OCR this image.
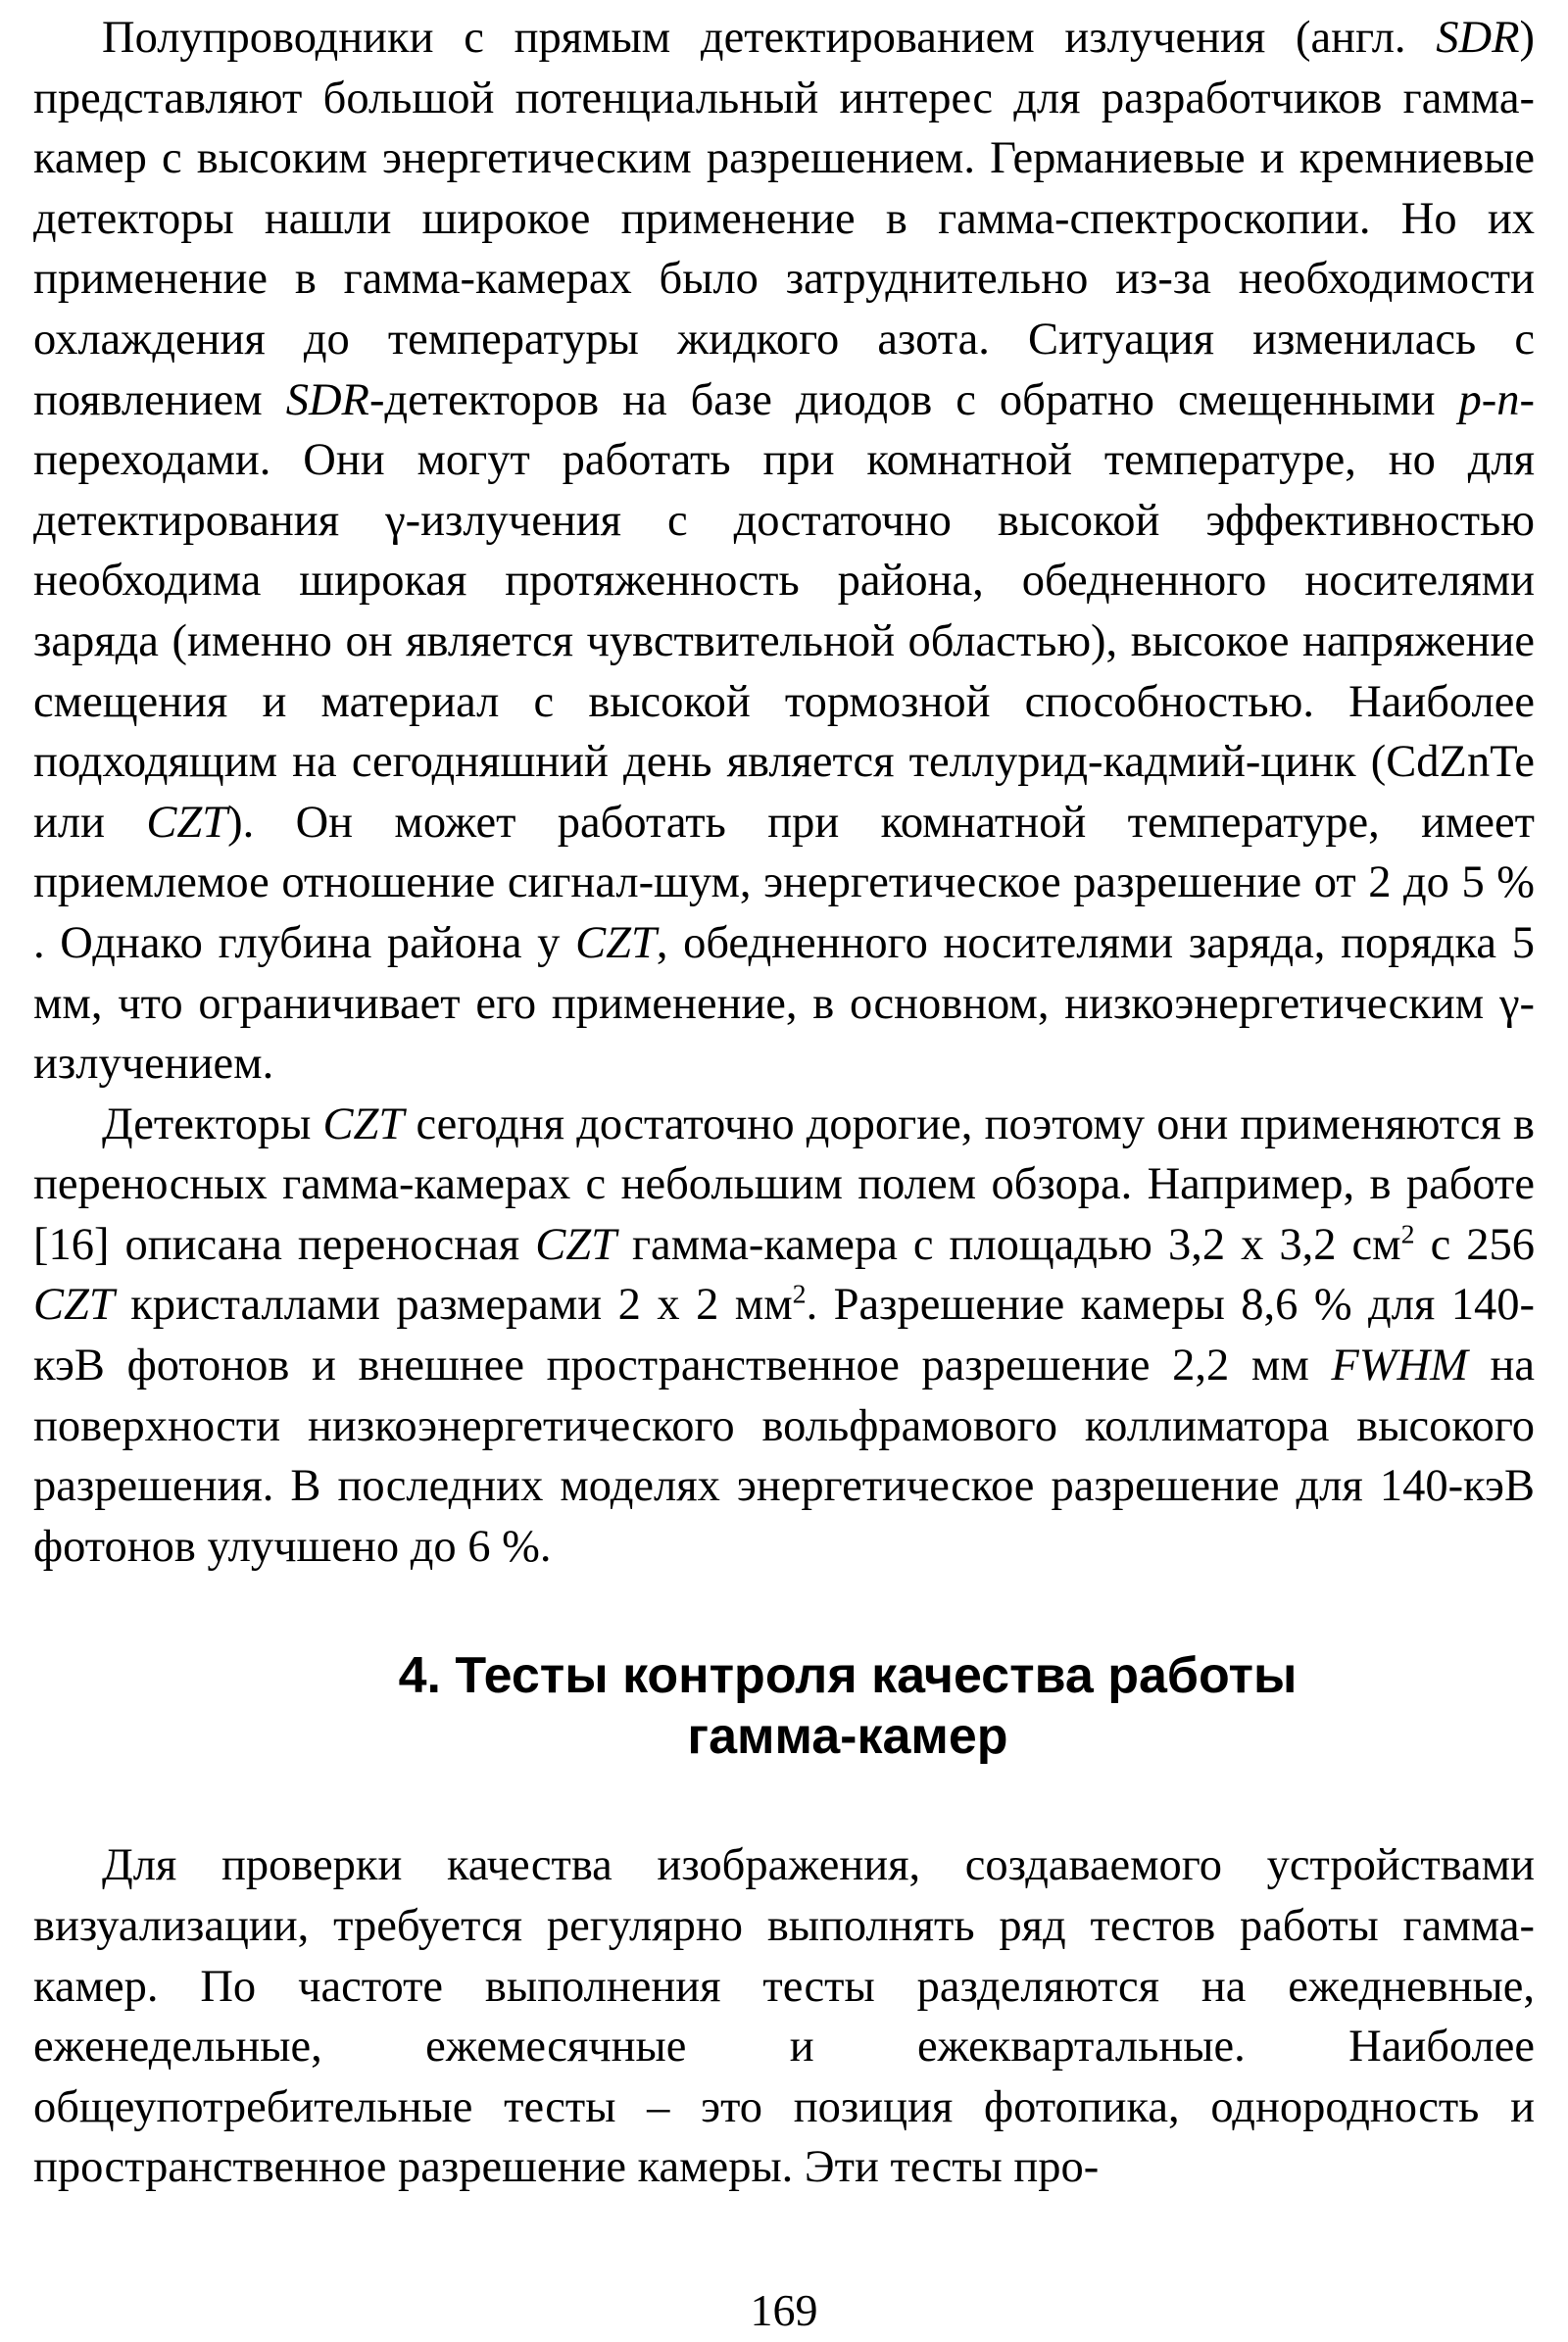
Полупроводники с прямым детектированием излучения (англ. SDR) представляют большой потенциальный интерес для разработчиков гамма-камер с высоким энергетическим разрешением. Германиевые и кремниевые детекторы нашли широкое применение в гамма-спектроскопии. Но их применение в гамма-камерах было затруднительно из-за необходимости охлаждения до температуры жидкого азота. Ситуация изменилась с появлением SDR-детекторов на базе диодов с обратно смещенными p-n-переходами. Они могут работать при комнатной температуре, но для детектирования γ-излучения с достаточно высокой эффективностью необходима широкая протяженность района, обедненного носителями заряда (именно он является чувствительной областью), высокое напряжение смещения и материал с высокой тормозной способностью. Наиболее подходящим на сегодняшний день является теллурид-кадмий-цинк (CdZnTe или CZT). Он может работать при комнатной температуре, имеет приемлемое отношение сигнал-шум, энергетическое разрешение от 2 до 5 % . Однако глубина района у CZT, обедненного носителями заряда, порядка 5 мм, что ограничивает его применение, в основном, низкоэнергетическим γ-излучением.

Детекторы CZT сегодня достаточно дорогие, поэтому они применяются в переносных гамма-камерах с небольшим полем обзора. Например, в работе [16] описана переносная CZT гамма-камера с площадью 3,2 х 3,2 $см^2$ с 256 CZT кристаллами размерами 2 х 2 $мм^2$. Разрешение камеры 8,6 % для 140-кэВ фотонов и внешнее пространственное разрешение 2,2 мм FWHM на поверхности низкоэнергетического вольфрамового коллиматора высокого разрешения. В последних моделях энергетическое разрешение для 140-кэВ фотонов улучшено до 6 %.

4. Тесты контроля качества работы
гамма-камер

Для проверки качества изображения, создаваемого устройствами визуализации, требуется регулярно выполнять ряд тестов работы гамма-камер. По частоте выполнения тесты разделяются на ежедневные, еженедельные, ежемесячные и ежеквартальные. Наиболее общеупотребительные тесты – это позиция фотопика, однородность и пространственное разрешение камеры. Эти тесты про-

169
